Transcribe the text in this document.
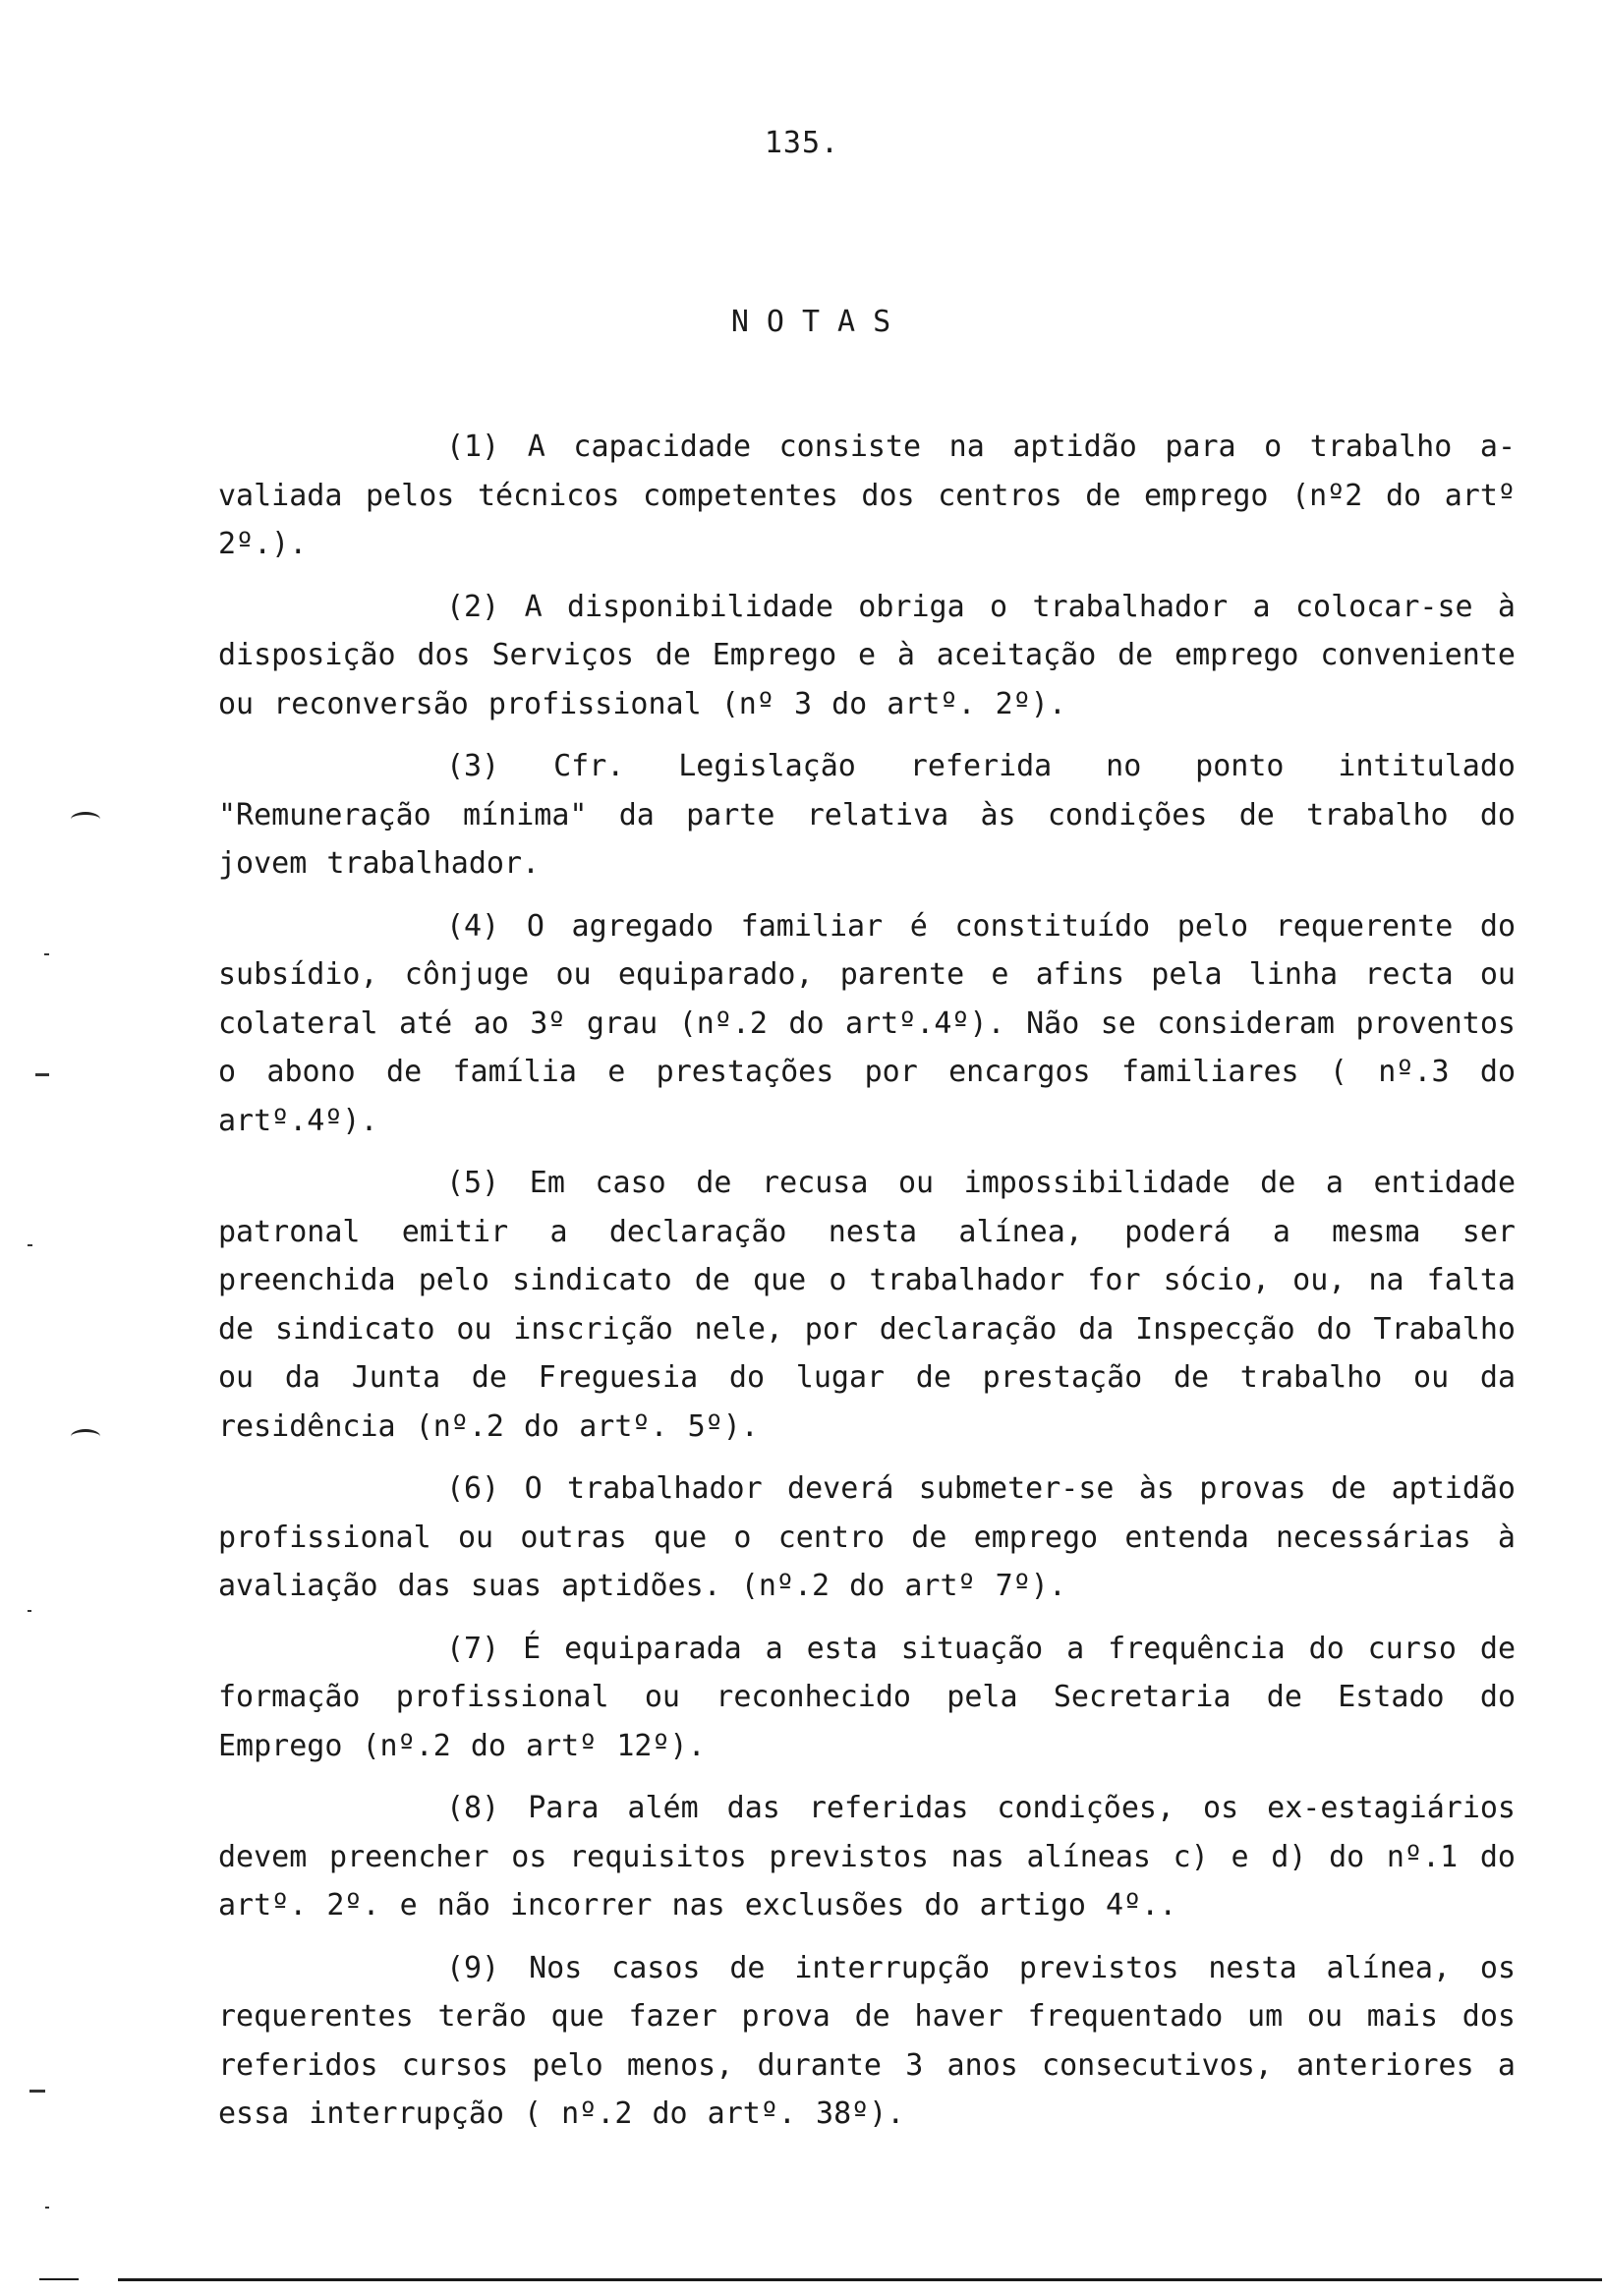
135.
NOTAS

(1) A capacidade consiste na aptidão para o trabalho a-valiada pelos técnicos competentes dos centros de emprego (nº2 do artº 2º.).

(2) A disponibilidade obriga o trabalhador a colocar-se à disposição dos Serviços de Emprego e à aceitação de emprego conveniente ou reconversão profissional (nº 3 do artº. 2º).

(3) Cfr. Legislação referida no ponto intitulado "Remuneração mínima" da parte relativa às condições de trabalho do jovem trabalhador.

(4) O agregado familiar é constituído pelo requerente do subsídio, cônjuge ou equiparado, parente e afins pela linha recta ou colateral até ao 3º grau (nº.2 do artº.4º). Não se consideram proventos o abono de família e prestações por encargos familiares ( nº.3 do artº.4º).

(5) Em caso de recusa ou impossibilidade de a entidade patronal emitir a declaração nesta alínea, poderá a mesma ser preenchida pelo sindicato de que o trabalhador for sócio, ou, na falta de sindicato ou inscrição nele, por declaração da Inspecção do Trabalho ou da Junta de Freguesia do lugar de prestação de trabalho ou da residência (nº.2 do artº. 5º).

(6) O trabalhador deverá submeter-se às provas de aptidão profissional ou outras que o centro de emprego entenda necessárias à avaliação das suas aptidões. (nº.2 do artº 7º).

(7) É equiparada a esta situação a frequência do curso de formação profissional ou reconhecido pela Secretaria de Estado do Emprego (nº.2 do artº 12º).

(8) Para além das referidas condições, os ex-estagiários devem preencher os requisitos previstos nas alíneas c) e d) do nº.1 do artº. 2º. e não incorrer nas exclusões do artigo 4º..

(9) Nos casos de interrupção previstos nesta alínea, os requerentes terão que fazer prova de haver frequentado um ou mais dos referidos cursos pelo menos, durante 3 anos consecutivos, anteriores a essa interrupção ( nº.2 do artº. 38º).
